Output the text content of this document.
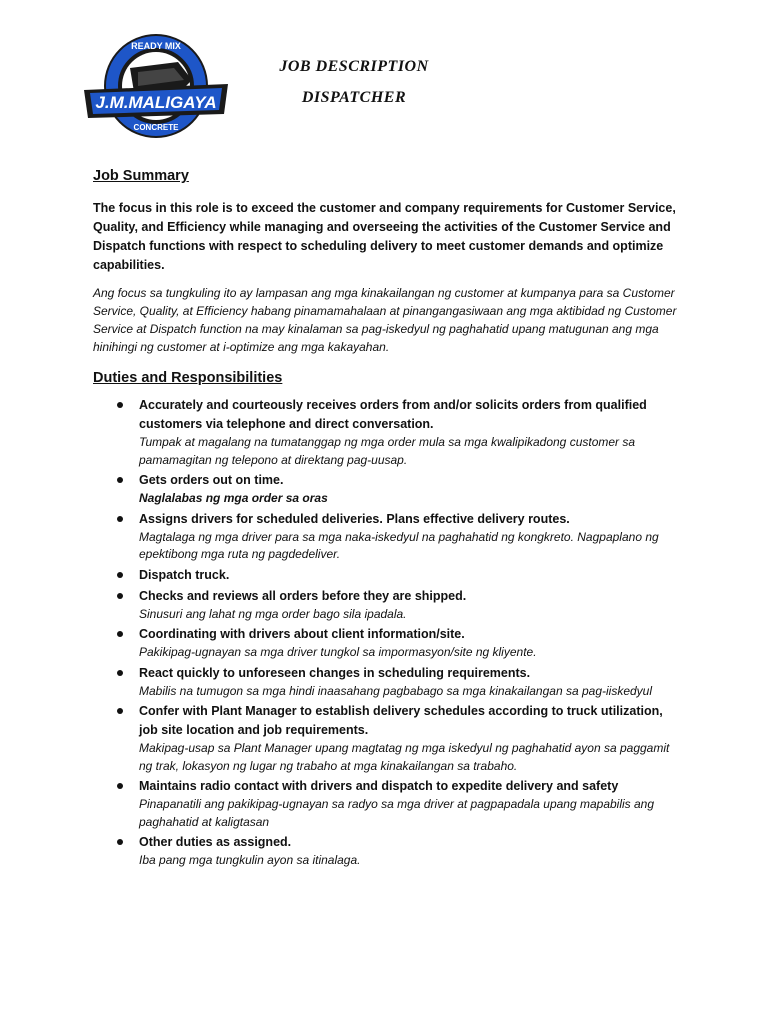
READY MIX
J.M.MALIGAYA
CONCRETE
JOB DESCRIPTION
DISPATCHER
Job Summary

The focus in this role is to exceed the customer and company requirements for Customer Service, Quality, and Efficiency while managing and overseeing the activities of the Customer Service and Dispatch functions with respect to scheduling delivery to meet customer demands and optimize capabilities.

Ang focus sa tungkuling ito ay lampasan ang mga kinakailangan ng customer at kumpanya para sa Customer Service, Quality, at Efficiency habang pinamamahalaan at pinangangasiwaan ang mga aktibidad ng Customer Service at Dispatch function na may kinalaman sa pag-iskedyul ng paghahatid upang matugunan ang mga hinihingi ng customer at i-optimize ang mga kakayahan.

Duties and Responsibilities
Accurately and courteously receives orders from and/or solicits orders from qualified customers via telephone and direct conversation.
Tumpak at magalang na tumatanggap ng mga order mula sa mga kwalipikadong customer sa pamamagitan ng telepono at direktang pag-uusap.
Gets orders out on time.
Naglalabas ng mga order sa oras
Assigns drivers for scheduled deliveries. Plans effective delivery routes.
Magtalaga ng mga driver para sa mga naka-iskedyul na paghahatid ng kongkreto. Nagpaplano ng epektibong mga ruta ng pagdedeliver.
Dispatch truck.
Checks and reviews all orders before they are shipped.
Sinusuri ang lahat ng mga order bago sila ipadala.
Coordinating with drivers about client information/site.
Pakikipag-ugnayan sa mga driver tungkol sa impormasyon/site ng kliyente.
React quickly to unforeseen changes in scheduling requirements.
Mabilis na tumugon sa mga hindi inaasahang pagbabago sa mga kinakailangan sa pag-iiskedyul
Confer with Plant Manager to establish delivery schedules according to truck utilization, job site location and job requirements.
Makipag-usap sa Plant Manager upang magtatag ng mga iskedyul ng paghahatid ayon sa paggamit ng trak, lokasyon ng lugar ng trabaho at mga kinakailangan sa trabaho.
Maintains radio contact with drivers and dispatch to expedite delivery and safety
Pinapanatili ang pakikipag-ugnayan sa radyo sa mga driver at pagpapadala upang mapabilis ang paghahatid at kaligtasan
Other duties as assigned.
Iba pang mga tungkulin ayon sa itinalaga.
